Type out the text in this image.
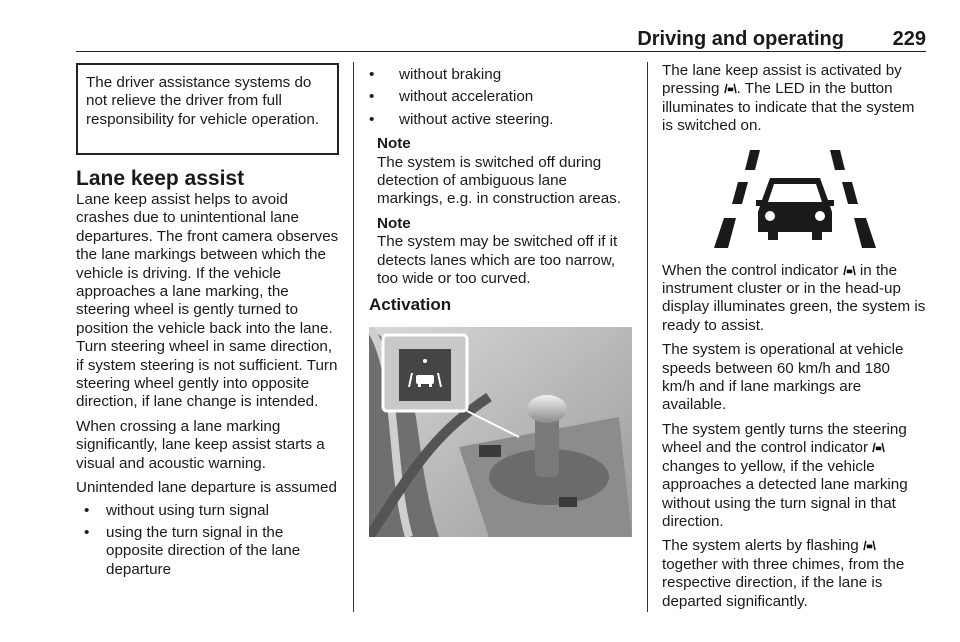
Driving and operating 229
The driver assistance systems do not relieve the driver from full responsibility for vehicle operation.
Lane keep assist

Lane keep assist helps to avoid crashes due to unintentional lane departures. The front camera observes the lane markings between which the vehicle is driving. If the vehicle approaches a lane marking, the steering wheel is gently turned to position the vehicle back into the lane. Turn steering wheel in same direction, if system steering is not sufficient. Turn steering wheel gently into opposite direction, if lane change is intended.

When crossing a lane marking significantly, lane keep assist starts a visual and acoustic warning.

Unintended lane departure is assumed

• without using turn signal
• using the turn signal in the opposite direction of the lane departure
• without braking
• without acceleration
• without active steering.
Note

The system is switched off during detection of ambiguous lane markings, e.g. in construction areas.

Note

The system may be switched off if it detects lanes which are too narrow, too wide or too curved.

Activation

The lane keep assist is activated by pressing . The LED in the button illuminates to indicate that the system is switched on.

When the control indicator in the instrument cluster or in the head-up display illuminates green, the system is ready to assist.

The system is operational at vehicle speeds between 60 km/h and 180 km/h and if lane markings are available.

The system gently turns the steering wheel and the control indicator  changes to yellow, if the vehicle approaches a detected lane marking without using the turn signal in that direction.

The system alerts by flashing  together with three chimes, from the respective direction, if the lane is departed significantly.
